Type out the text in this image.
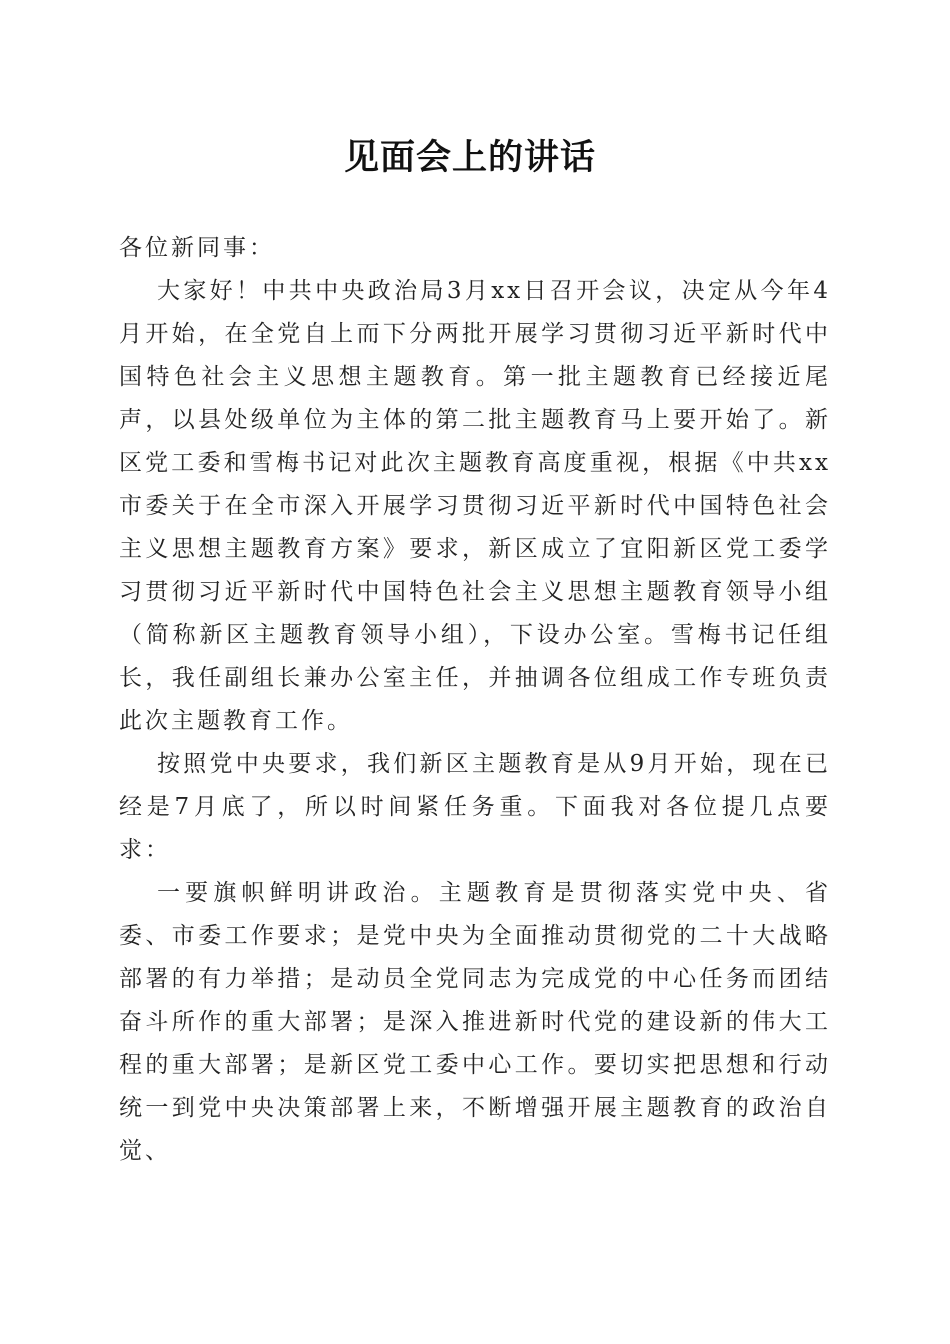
见面会上的讲话

各位新同事：

大家好！中共中央政治局3月xx日召开会议，决定从今年4月开始，在全党自上而下分两批开展学习贯彻习近平新时代中国特色社会主义思想主题教育。第一批主题教育已经接近尾声，以县处级单位为主体的第二批主题教育马上要开始了。新区党工委和雪梅书记对此次主题教育高度重视，根据《中共xx市委关于在全市深入开展学习贯彻习近平新时代中国特色社会主义思想主题教育方案》要求，新区成立了宜阳新区党工委学习贯彻习近平新时代中国特色社会主义思想主题教育领导小组（简称新区主题教育领导小组），下设办公室。雪梅书记任组长，我任副组长兼办公室主任，并抽调各位组成工作专班负责此次主题教育工作。

按照党中央要求，我们新区主题教育是从9月开始，现在已经是7月底了，所以时间紧任务重。下面我对各位提几点要求：

一要旗帜鲜明讲政治。主题教育是贯彻落实党中央、省委、市委工作要求；是党中央为全面推动贯彻党的二十大战略部署的有力举措；是动员全党同志为完成党的中心任务而团结奋斗所作的重大部署；是深入推进新时代党的建设新的伟大工程的重大部署；是新区党工委中心工作。要切实把思想和行动统一到党中央决策部署上来，不断增强开展主题教育的政治自觉、
